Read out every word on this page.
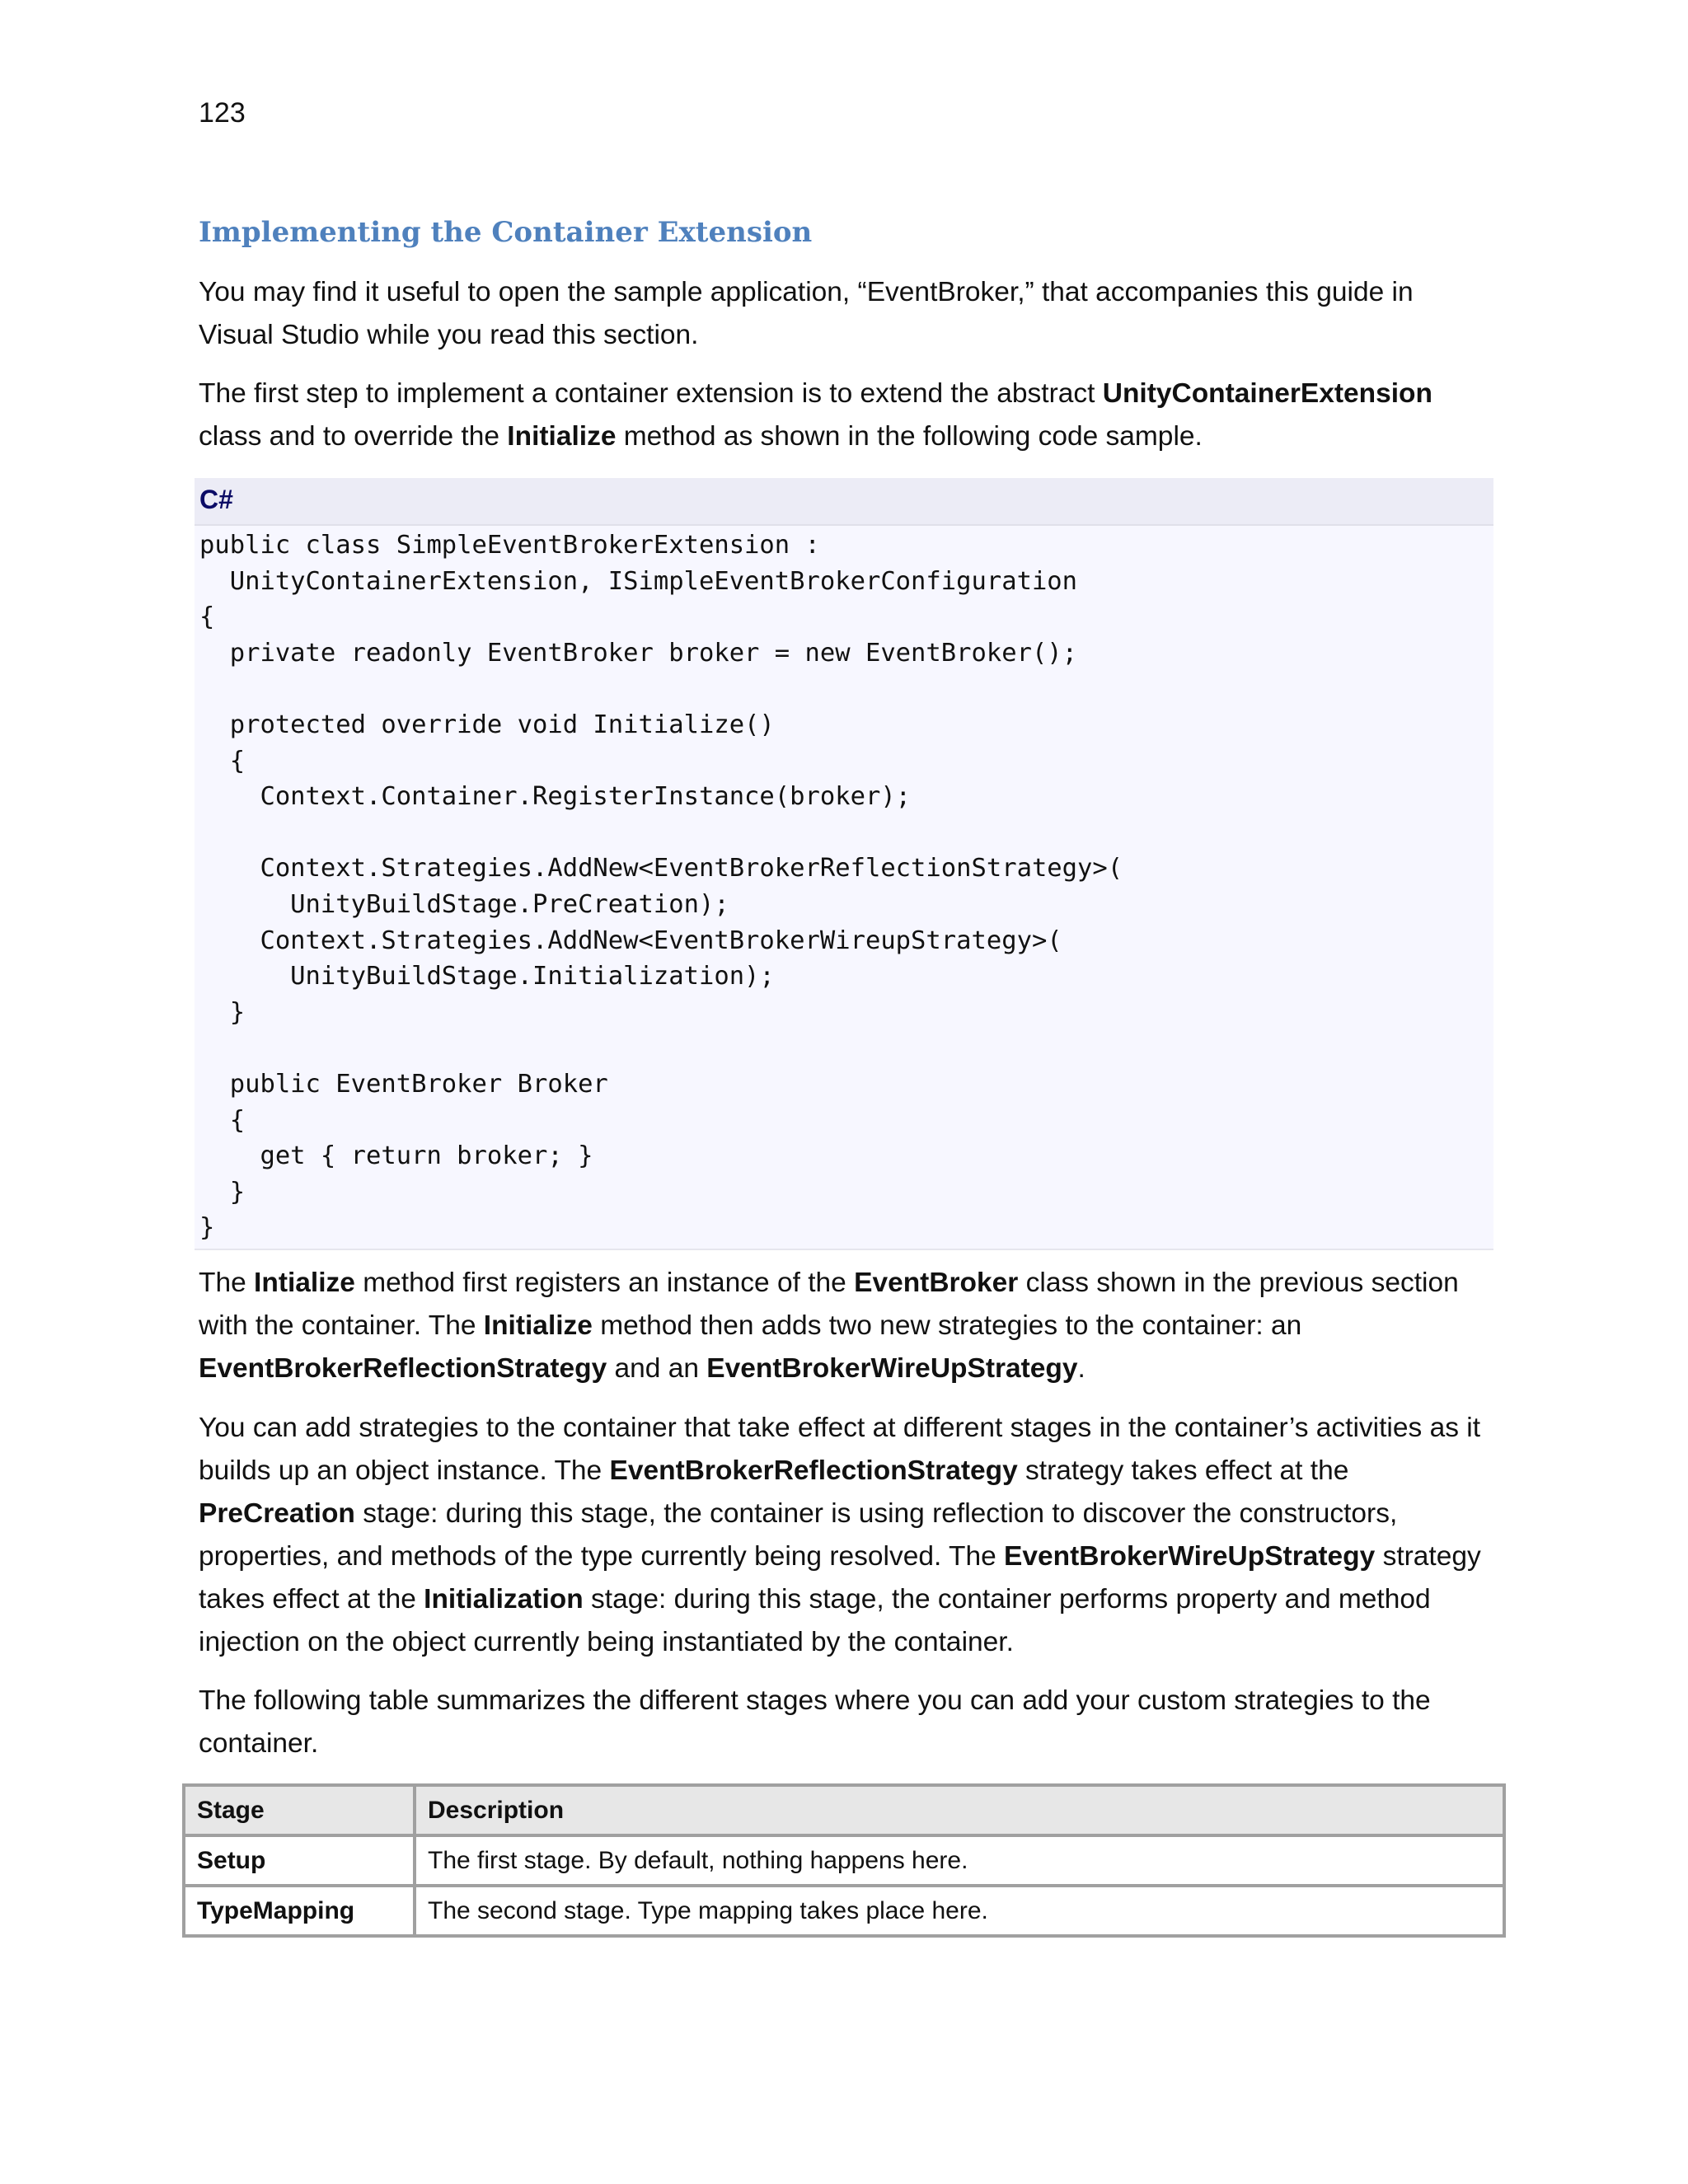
123
Implementing the Container Extension

You may find it useful to open the sample application, “EventBroker,” that accompanies this guide in Visual Studio while you read this section.

The first step to implement a container extension is to extend the abstract UnityContainerExtension class and to override the Initialize method as shown in the following code sample.

C#
public class SimpleEventBrokerExtension :
UnityContainerExtension, ISimpleEventBrokerConfiguration
{
private readonly EventBroker broker = new EventBroker();

protected override void Initialize()
{
Context.Container.RegisterInstance(broker);

Context.Strategies.AddNew<EventBrokerReflectionStrategy>(
UnityBuildStage.PreCreation);
Context.Strategies.AddNew<EventBrokerWireupStrategy>(
UnityBuildStage.Initialization);
}

public EventBroker Broker
{
get { return broker; }
}
}

The Intialize method first registers an instance of the EventBroker class shown in the previous section with the container. The Initialize method then adds two new strategies to the container: an EventBrokerReflectionStrategy and an EventBrokerWireUpStrategy.

You can add strategies to the container that take effect at different stages in the container’s activities as it builds up an object instance. The EventBrokerReflectionStrategy strategy takes effect at the PreCreation stage: during this stage, the container is using reflection to discover the constructors, properties, and methods of the type currently being resolved. The EventBrokerWireUpStrategy strategy takes effect at the Initialization stage: during this stage, the container performs property and method injection on the object currently being instantiated by the container.

The following table summarizes the different stages where you can add your custom strategies to the container.

Stage	Description
Setup	The first stage. By default, nothing happens here.
TypeMapping	The second stage. Type mapping takes place here.
